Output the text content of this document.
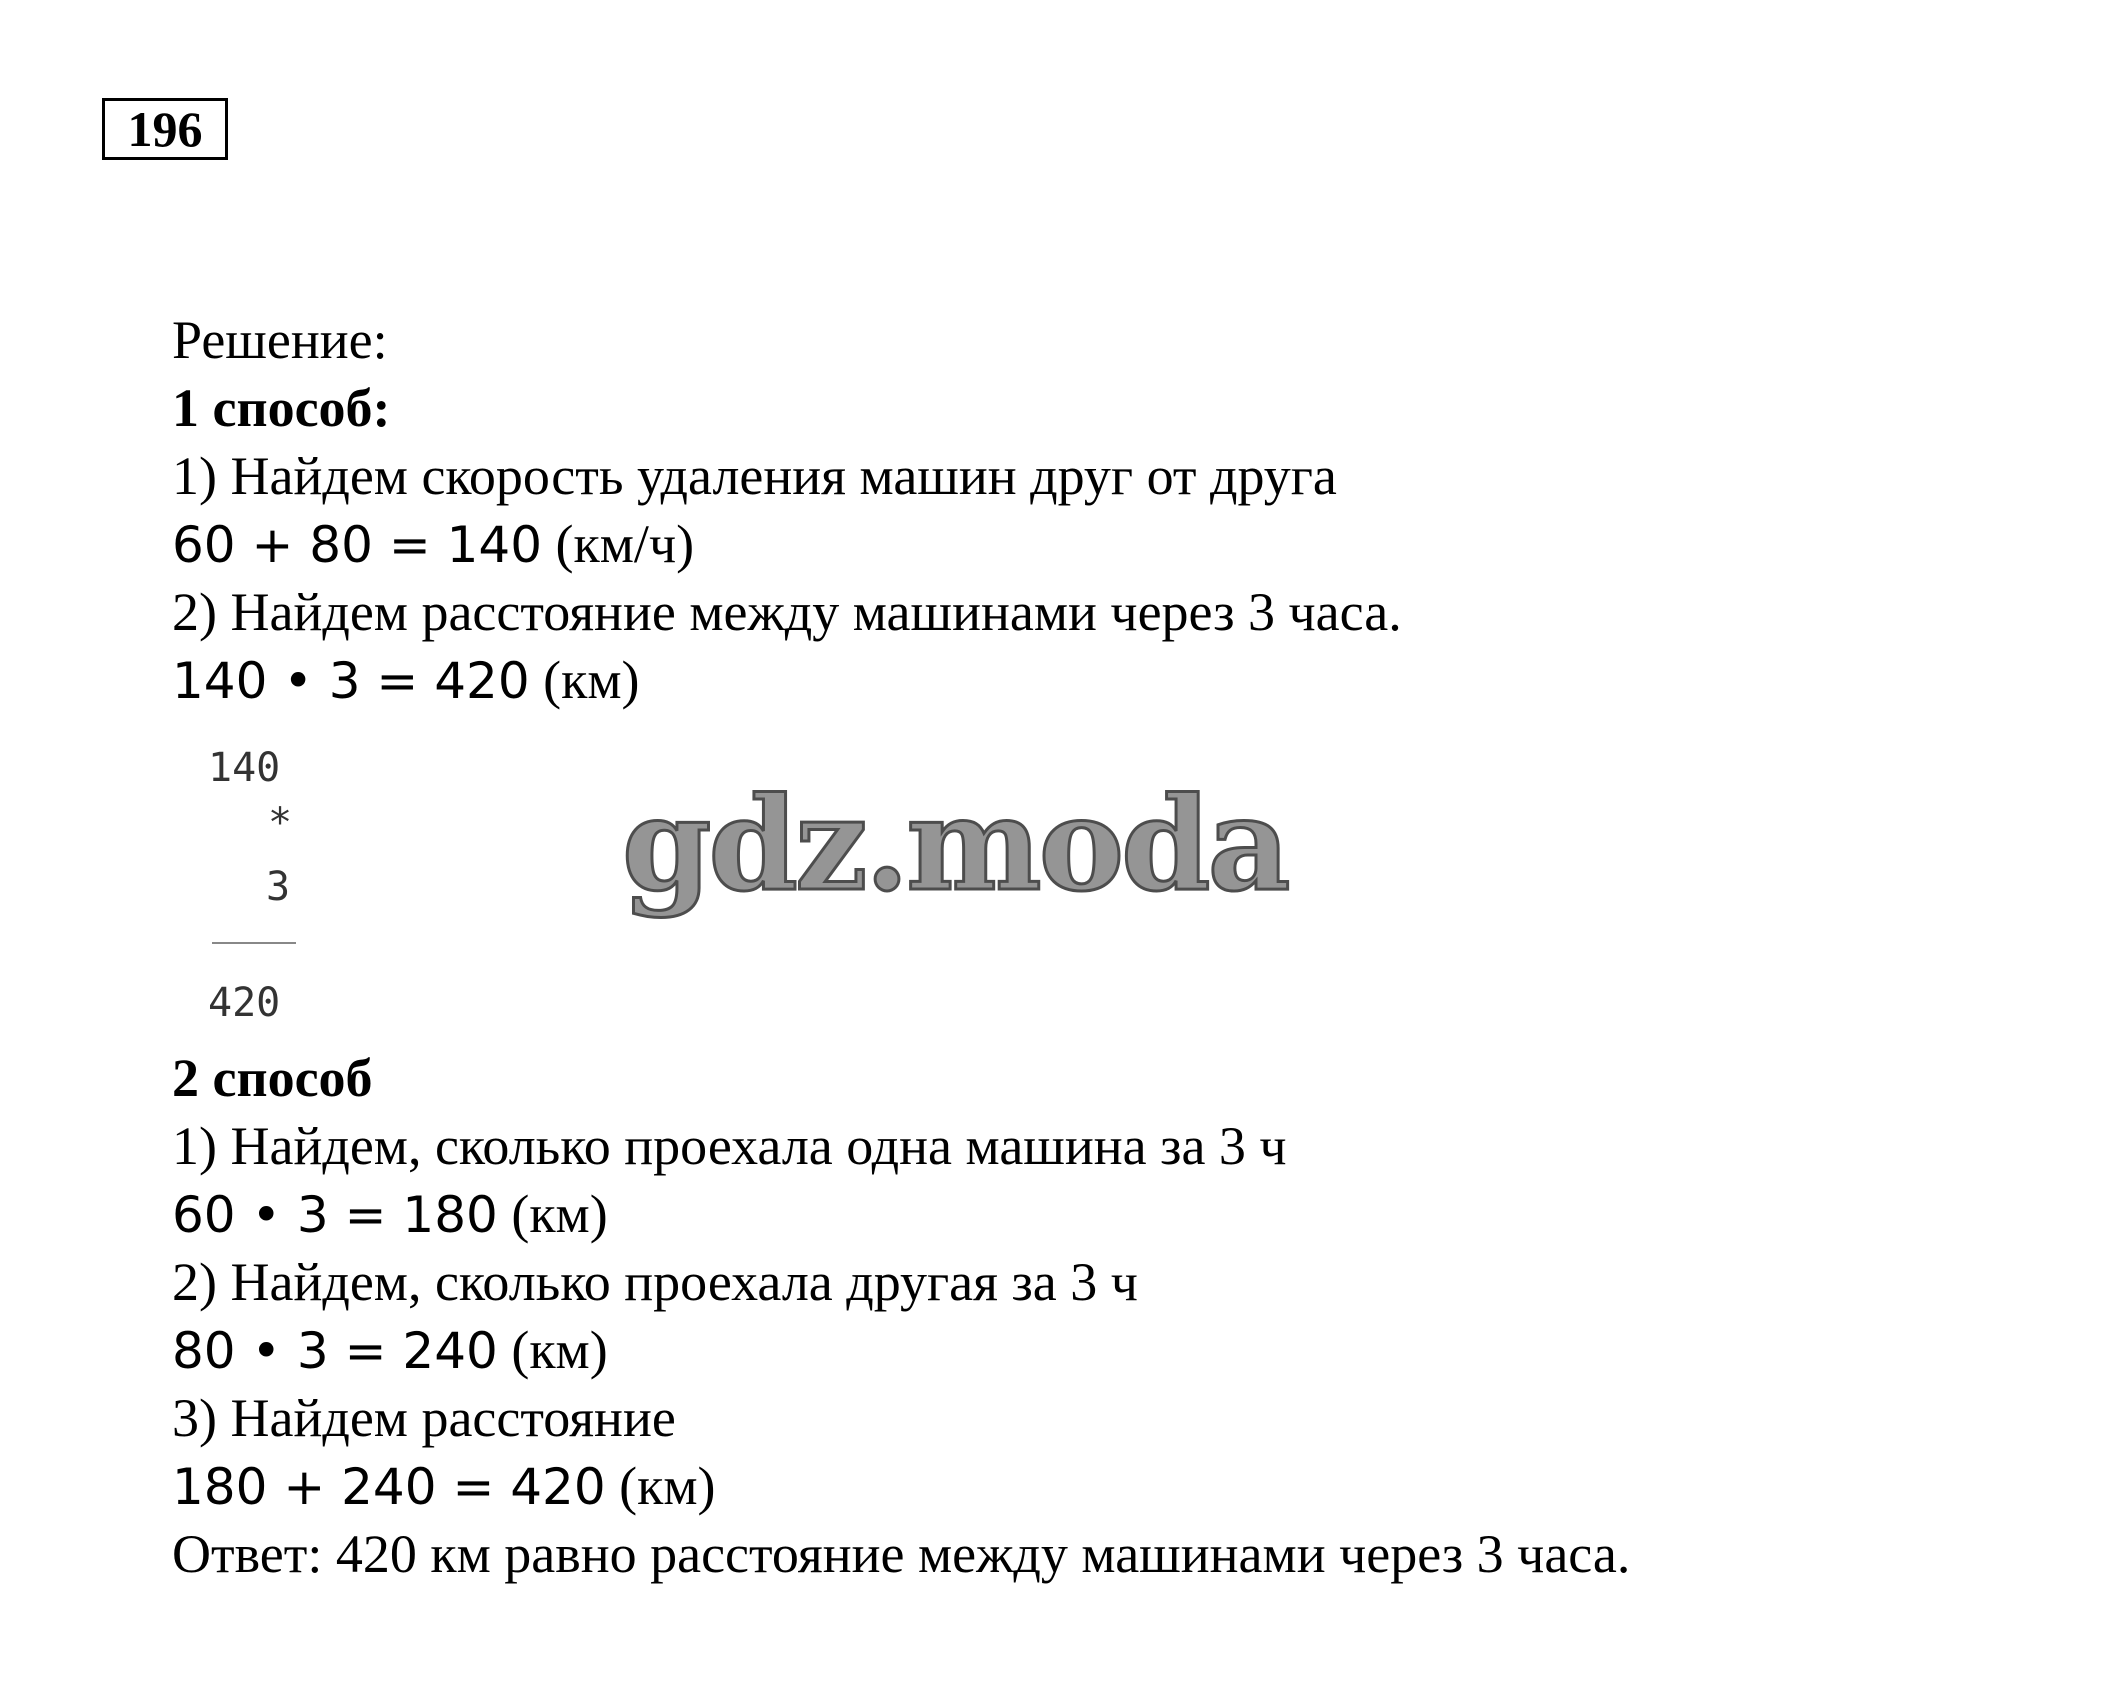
196
Решение:
1 способ:
1) Найдем скорость удаления машин друг от друга
60 + 80 = 140 (км/ч)
2) Найдем расстояние между машинами через 3 часа.
140 • 3 = 420 (км)
140
*
3
420
gdz.moda
2 способ
1) Найдем, сколько проехала одна машина за 3 ч
60 • 3 = 180 (км)
2) Найдем, сколько проехала другая за 3 ч
80 • 3 = 240 (км)
3) Найдем расстояние
180 + 240 = 420 (км)
Ответ: 420 км равно расстояние между машинами через 3 часа.
